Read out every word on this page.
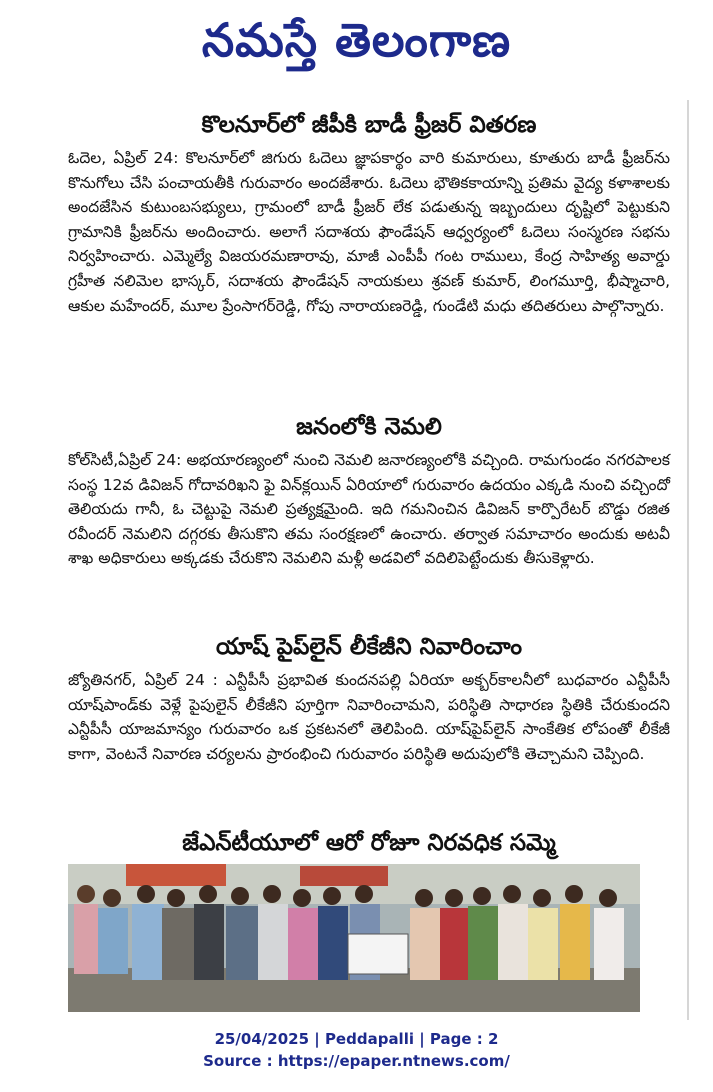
నమస్తే తెలంగాణ
కొలనూర్‌లో జీపీకి బాడీ ఫ్రీజర్ వితరణ

ఓదెల, ఏప్రిల్ 24: కొలనూర్‌లో జిగురు ఓదెలు జ్ఞాపకార్థం వారి కుమారులు, కూతురు బాడీ ఫ్రీజర్‌ను కొనుగోలు చేసి పంచాయతీకి గురువారం అందజేశారు. ఓదెలు భౌతికకాయాన్ని ప్రతిమ వైద్య కళాశాలకు అందజేసిన కుటుంబసభ్యులు, గ్రామంలో బాడీ ఫ్రీజర్ లేక పడుతున్న ఇబ్బందులు దృష్టిలో పెట్టుకుని గ్రామానికి ఫ్రీజర్‌ను అందించారు. అలాగే సదాశయ ఫౌండేషన్ ఆధ్వర్యంలో ఓదెలు సంస్మరణ సభను నిర్వహించారు. ఎమ్మెల్యే విజయరమణారావు, మాజీ ఎంపీపీ గంట రాములు, కేంద్ర సాహిత్య అవార్డు గ్రహీత నలిమెల భాస్కర్, సదాశయ ఫౌండేషన్ నాయకులు శ్రవణ్ కుమార్, లింగమూర్తి, భీష్మాచారి, ఆకుల మహేందర్, మూల ప్రేంసాగర్‌రెడ్డి, గోపు నారాయణరెడ్డి, గుండేటి మధు తదితరులు పాల్గొన్నారు.

జనంలోకి నెమలి

కోల్‌సిటీ,ఏప్రిల్ 24: అభయారణ్యంలో నుంచి నెమలి జనారణ్యంలోకి వచ్చింది. రామగుండం నగరపాలక సంస్థ 12వ డివిజన్ గోదావరిఖని ఫై విన్‌క్లయిన్ ఏరియాలో గురువారం ఉదయం ఎక్కడి నుంచి వచ్చిందో తెలియదు గానీ, ఓ చెట్టుపై నెమలి ప్రత్యక్షమైంది. ఇది గమనించిన డివిజన్ కార్పొరేటర్ బొడ్డు రజిత రవీందర్ నెమలిని దగ్గరకు తీసుకొని తమ సంరక్షణలో ఉంచారు. తర్వాత సమాచారం అందుకు అటవీ శాఖ అధికారులు అక్కడకు చేరుకొని నెమలిని మళ్లీ అడవిలో వదిలిపెట్టేందుకు తీసుకెళ్లారు.

యాష్ పైప్‌లైన్ లీకేజీని నివారించాం

జ్యోతినగర్, ఏప్రిల్ 24 : ఎన్టీపీసీ ప్రభావిత కుందనపల్లి ఏరియా అక్బర్‌కాలనీలో బుధవారం ఎన్టీపీసీ యాష్‌పాండ్‌కు వెళ్లే పైపులైన్ లీకేజీని పూర్తిగా నివారించామని, పరిస్థితి సాధారణ స్థితికి చేరుకుందని ఎన్టీపీసీ యాజమాన్యం గురువారం ఒక ప్రకటనలో తెలిపింది. యాష్‌పైప్‌లైన్ సాంకేతిక లోపంతో లీకేజీ కాగా, వెంటనే నివారణ చర్యలను ప్రారంభించి గురువారం పరిస్థితి అదుపులోకి తెచ్చామని చెప్పింది.

జేఎన్‌టీయూలో ఆరో రోజూ నిరవధిక సమ్మె
25/04/2025 | Peddapalli | Page : 2
Source : https://epaper.ntnews.com/
